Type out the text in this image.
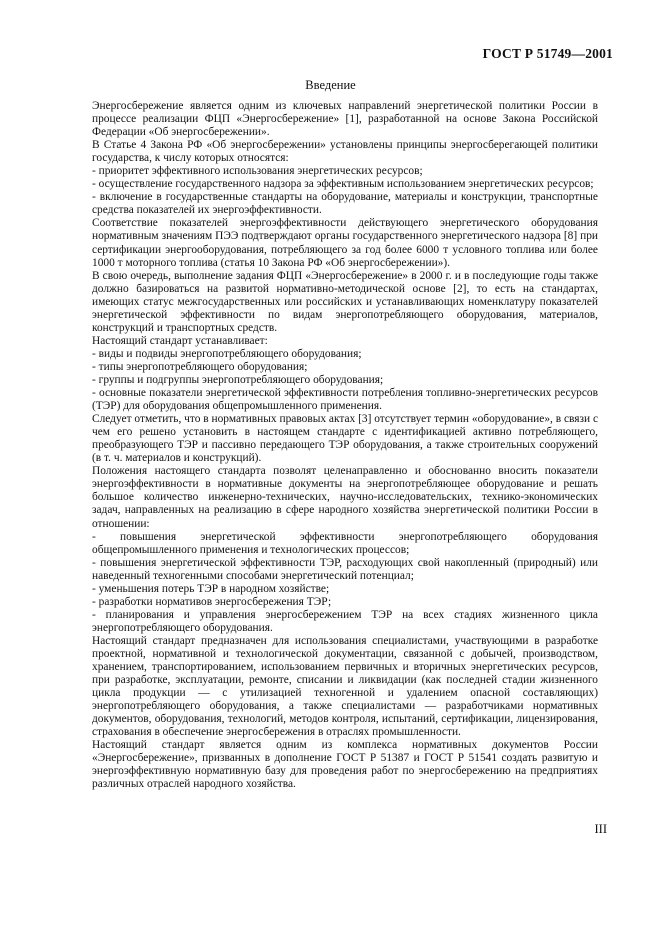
ГОСТ Р 51749—2001
Введение

Энергосбережение является одним из ключевых направлений энергетической политики России в процессе реализации ФЦП «Энергосбережение» [1], разработанной на основе Закона Российской Федерации «Об энергосбережении».

В Статье 4 Закона РФ «Об энергосбережении» установлены принципы энергосберегающей политики государства, к числу которых относятся:

- приоритет эффективного использования энергетических ресурсов;

- осуществление государственного надзора за эффективным использованием энергетических ресурсов;

- включение в государственные стандарты на оборудование, материалы и конструкции, транспортные средства показателей их энергоэффективности.

Соответствие показателей энергоэффективности действующего энергетического оборудования нормативным значениям ПЭЭ подтверждают органы государственного энергетического надзора [8] при сертификации энергооборудования, потребляющего за год более 6000 т условного топлива или более 1000 т моторного топлива (статья 10 Закона РФ «Об энергосбережении»).

В свою очередь, выполнение задания ФЦП «Энергосбережение» в 2000 г. и в последующие годы также должно базироваться на развитой нормативно-методической основе [2], то есть на стандартах, имеющих статус межгосударственных или российских и устанавливающих номенклатуру показателей энергетической эффективности по видам энергопотребляющего оборудования, материалов, конструкций и транспортных средств.

Настоящий стандарт устанавливает:

- виды и подвиды энергопотребляющего оборудования;

- типы энергопотребляющего оборудования;

- группы и подгруппы энергопотребляющего оборудования;

- основные показатели энергетической эффективности потребления топливно-энергетических ресурсов (ТЭР) для оборудования общепромышленного применения.

Следует отметить, что в нормативных правовых актах [3] отсутствует термин «оборудование», в связи с чем его решено установить в настоящем стандарте с идентификацией активно потребляющего, преобразующего ТЭР и пассивно передающего ТЭР оборудования, а также строительных сооружений (в т. ч. материалов и конструкций).

Положения настоящего стандарта позволят целенаправленно и обоснованно вносить показатели энергоэффективности в нормативные документы на энергопотребляющее оборудование и решать большое количество инженерно-технических, научно-исследовательских, технико-экономических задач, направленных на реализацию в сфере народного хозяйства энергетической политики России в отношении:

- повышения энергетической эффективности энергопотребляющего оборудования общепромышленного применения и технологических процессов;

- повышения энергетической эффективности ТЭР, расходующих свой накопленный (природный) или наведенный техногенными способами энергетический потенциал;

- уменьшения потерь ТЭР в народном хозяйстве;

- разработки нормативов энергосбережения ТЭР;

- планирования и управления энергосбережением ТЭР на всех стадиях жизненного цикла энергопотребляющего оборудования.

Настоящий стандарт предназначен для использования специалистами, участвующими в разработке проектной, нормативной и технологической документации, связанной с добычей, производством, хранением, транспортированием, использованием первичных и вторичных энергетических ресурсов, при разработке, эксплуатации, ремонте, списании и ликвидации (как последней стадии жизненного цикла продукции — с утилизацией техногенной и удалением опасной составляющих) энергопотребляющего оборудования, а также специалистами — разработчиками нормативных документов, оборудования, технологий, методов контроля, испытаний, сертификации, лицензирования, страхования в обеспечение энергосбережения в отраслях промышленности.

Настоящий стандарт является одним из комплекса нормативных документов России «Энергосбережение», призванных в дополнение ГОСТ Р 51387 и ГОСТ Р 51541 создать развитую и энергоэффективную нормативную базу для проведения работ по энергосбережению на предприятиях различных отраслей народного хозяйства.

III
